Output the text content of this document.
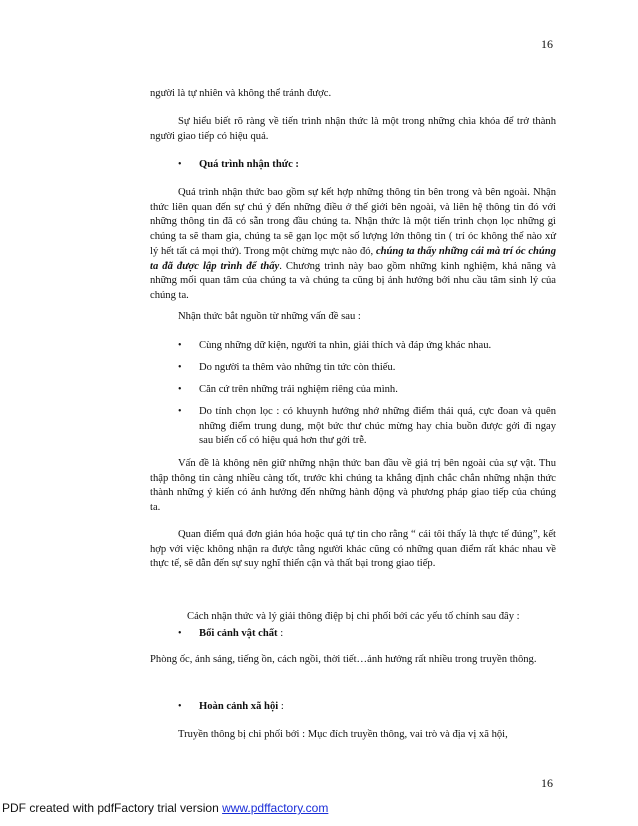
16
người là tự nhiên và không thể tránh được.
Sự hiểu biết rõ ràng về tiến trình nhận thức là một trong những chìa khóa để trở thành người giao tiếp có hiệu quả.
• Quá trình nhận thức :
Quá trình nhận thức bao gồm sự kết hợp những thông tin bên trong và bên ngoài. Nhận thức liên quan đến sự chú ý đến những điều ở thế giới bên ngoài, và liên hệ thông tin đó với những thông tin đã có sẵn trong đầu chúng ta. Nhận thức là một tiến trình chọn lọc những gì chúng ta sẽ tham gia, chúng ta sẽ gạn lọc một số lượng lớn thông tin ( trí óc không thể nào xử lý hết tất cả mọi thứ). Trong một chừng mực nào đó, chúng ta thấy những cái mà trí óc chúng ta đã được lập trình để thấy. Chương trình này bao gồm những kinh nghiệm, khả năng và những mối quan tâm của chúng ta và chúng ta cũng bị ảnh hưởng bởi nhu cầu tâm sinh lý của chúng ta.
Nhận thức bắt nguồn từ những vấn đề sau :
• Cùng những dữ kiện, người ta nhìn, giải thích và đáp ứng khác nhau.
• Do người ta thêm vào những tin tức còn thiếu.
• Căn cứ trên những trải nghiệm riêng của mình.
• Do tính chọn lọc : có khuynh hướng nhớ những điểm thái quá, cực đoan và quên những điểm trung dung, một bức thư chúc mừng hay chia buồn được gởi đi ngay sau biến cố có hiệu quả hơn thư gởi trễ.
Vấn đề là không nên giữ những nhận thức ban đầu về giá trị bên ngoài của sự vật. Thu thập thông tin càng nhiều càng tốt, trước khi chúng ta khẳng định chắc chắn những nhận thức thành những ý kiến có ảnh hưởng đến những hành động và phương pháp giao tiếp của chúng ta.
Quan điểm quá đơn giản hóa hoặc quá tự tin cho rằng “ cái tôi thấy là thực tế đúng”, kết hợp với việc không nhận ra được tằng người khác cũng có những quan điểm rất khác nhau về thực tế, sẽ dẫn đến sự suy nghĩ thiển cận và thất bại trong giao tiếp.
Cách nhận thức và lý giải thông điệp bị chi phối bởi các yếu tố chính sau đây :
• Bối cảnh vật chất :
Phòng ốc, ánh sáng, tiếng ồn, cách ngồi, thời tiết…ảnh hưởng rất nhiều trong truyền thông.
• Hoàn cảnh xã hội :
Truyền thông bị chi phối bởi : Mục đích truyền thông, vai trò và địa vị xã hội,
16
PDF created with pdfFactory trial version www.pdffactory.com
